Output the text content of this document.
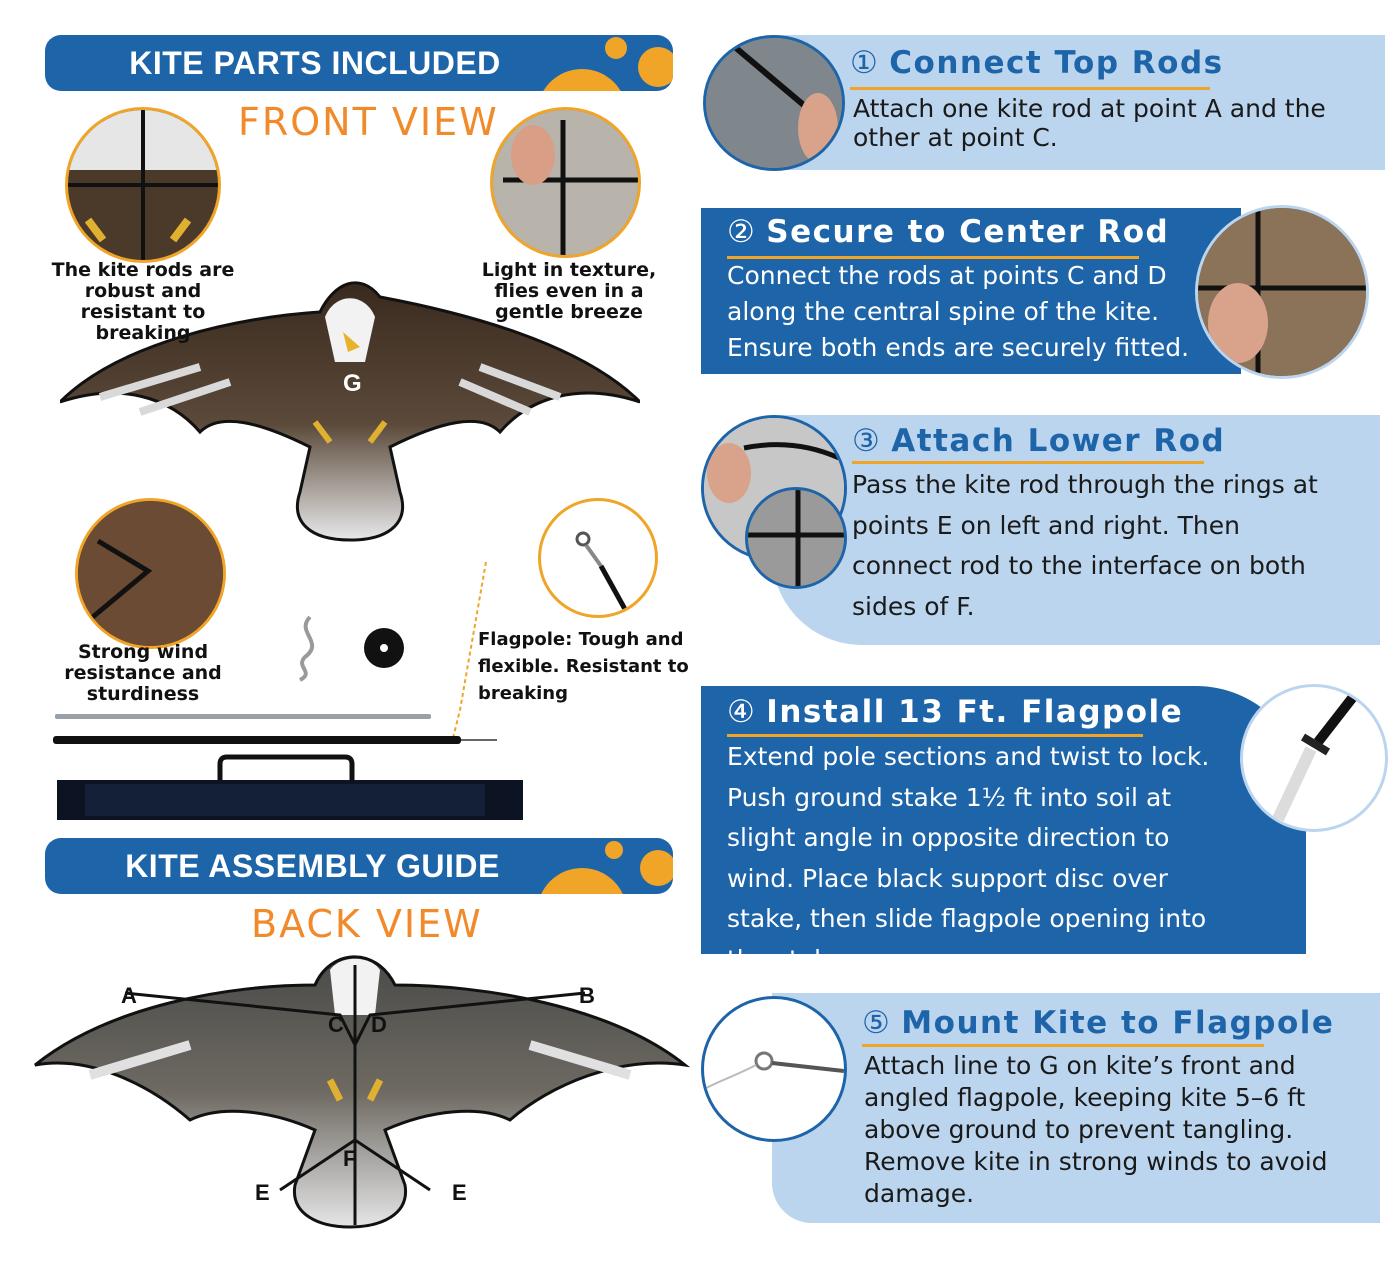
KITE PARTS INCLUDED
FRONT VIEW
G
The kite rods are robust and resistant to breaking
Light in texture, flies even in a gentle breeze
Strong wind resistance and sturdiness
Flagpole: Tough and flexible. Resistant to breaking
KITE ASSEMBLY GUIDE
BACK VIEW
A	B
C D
E	E
F
① Connect Top Rods
Attach one kite rod at point A and the other at point C.
② Secure to Center Rod
Connect the rods at points C and D along the central spine of the kite. Ensure both ends are securely fitted.
③ Attach Lower Rod
Pass the kite rod through the rings at points E on left and right. Then connect rod to the interface on both sides of F.
④ Install 13 Ft. Flagpole
Extend pole sections and twist to lock. Push ground stake 1½ ft into soil at slight angle in opposite direction to wind. Place black support disc over stake, then slide flagpole opening into the stake.
⑤ Mount Kite to Flagpole
Attach line to G on kite’s front and angled flagpole, keeping kite 5–6 ft above ground to prevent tangling. Remove kite in strong winds to avoid damage.
